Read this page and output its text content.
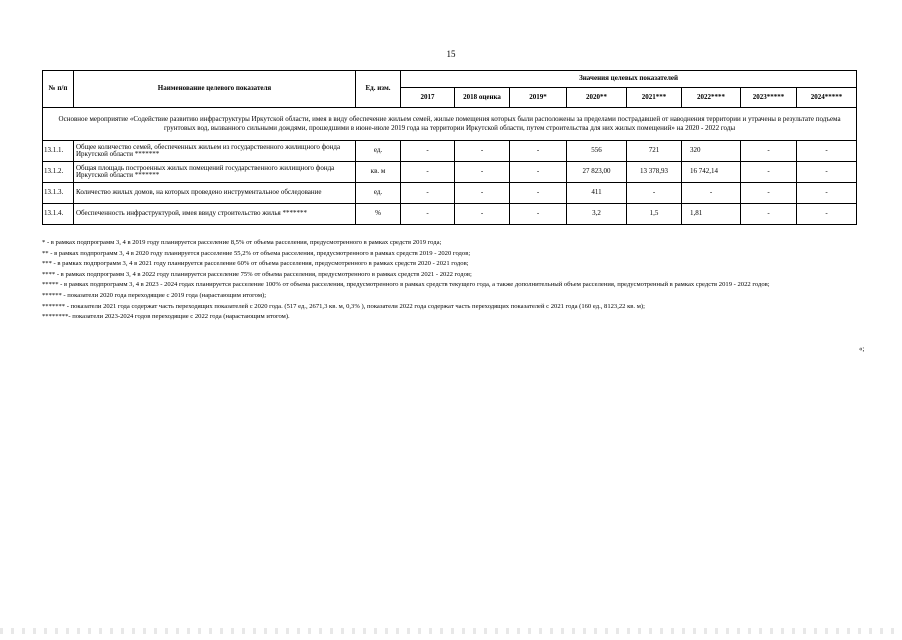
15
№ п/п	Наименование целевого показателя	Ед. изм.	Значения целевых показателей							
			2017	2018 оценка	2019*	2020**	2021***	2022****	2023*****	2024*****
Основное мероприятие «Содействие развитию инфраструктуры Иркутской области, имея в виду обеспечение жильем семей, жилые помещения которых были расположены за пределами пострадавшей от наводнения территории и утрачены в результате подъема грунтовых вод, вызванного сильными дождями, прошедшими в июне-июле 2019 года на территории Иркутской области, путем строительства для них жилых помещений» на 2020 - 2022 годы										
13.1.1.	Общее количество семей, обеспеченных жильем из государственного жилищного фонда Иркутской области *******	ед.	-	-	-	556	721	320	-	-
13.1.2.	Общая площадь построенных жилых помещений государственного жилищного фонда Иркутской области *******	кв. м	-	-	-	27 823,00	13 378,93	16 742,14	-	-
13.1.3.	Количество жилых домов, на которых проведено инструментальное обследование	ед.	-	-	-	411	-	-	-	-
13.1.4.	Обеспеченность инфраструктурой, имея ввиду строительство жилья *******	%	-	-	-	3,2	1,5	1,81	-	-

* - в рамках подпрограмм 3, 4 в 2019 году планируется расселение 8,5% от объема расселения, предусмотренного в рамках средств 2019 года;

** - в рамках подпрограмм 3, 4 в 2020 году планируется расселение 55,2% от объема расселения, предусмотренного в рамках средств 2019 - 2020 годов;

*** - в рамках подпрограмм 3, 4 в 2021 году планируется расселение 60% от объема расселения, предусмотренного в рамках средств 2020 - 2021 годов;

**** - в рамках подпрограмм 3, 4 в 2022 году планируется расселение 75% от объема расселения, предусмотренного в рамках средств 2021 - 2022 годов;

***** - в рамках подпрограмм 3, 4 в 2023 - 2024 годах планируется расселение 100% от объема расселения, предусмотренного в рамках средств текущего года, а также дополнительный объем расселения, предусмотренный в рамках средств 2019 - 2022 годов;

****** - показатели 2020 года переходящие с 2019 года (нарастающим итогом);

******* - показатели 2021 года содержат часть переходящих показателей с 2020 года. (517 ед., 2671,3 кв. м, 0,3% ), показатели 2022 года содержат часть переходящих показателей с 2021 года (160 ед., 8123,22 кв. м);

********- показатели 2023-2024 годов переходящие с 2022 года (нарастающим итогом).

«;
